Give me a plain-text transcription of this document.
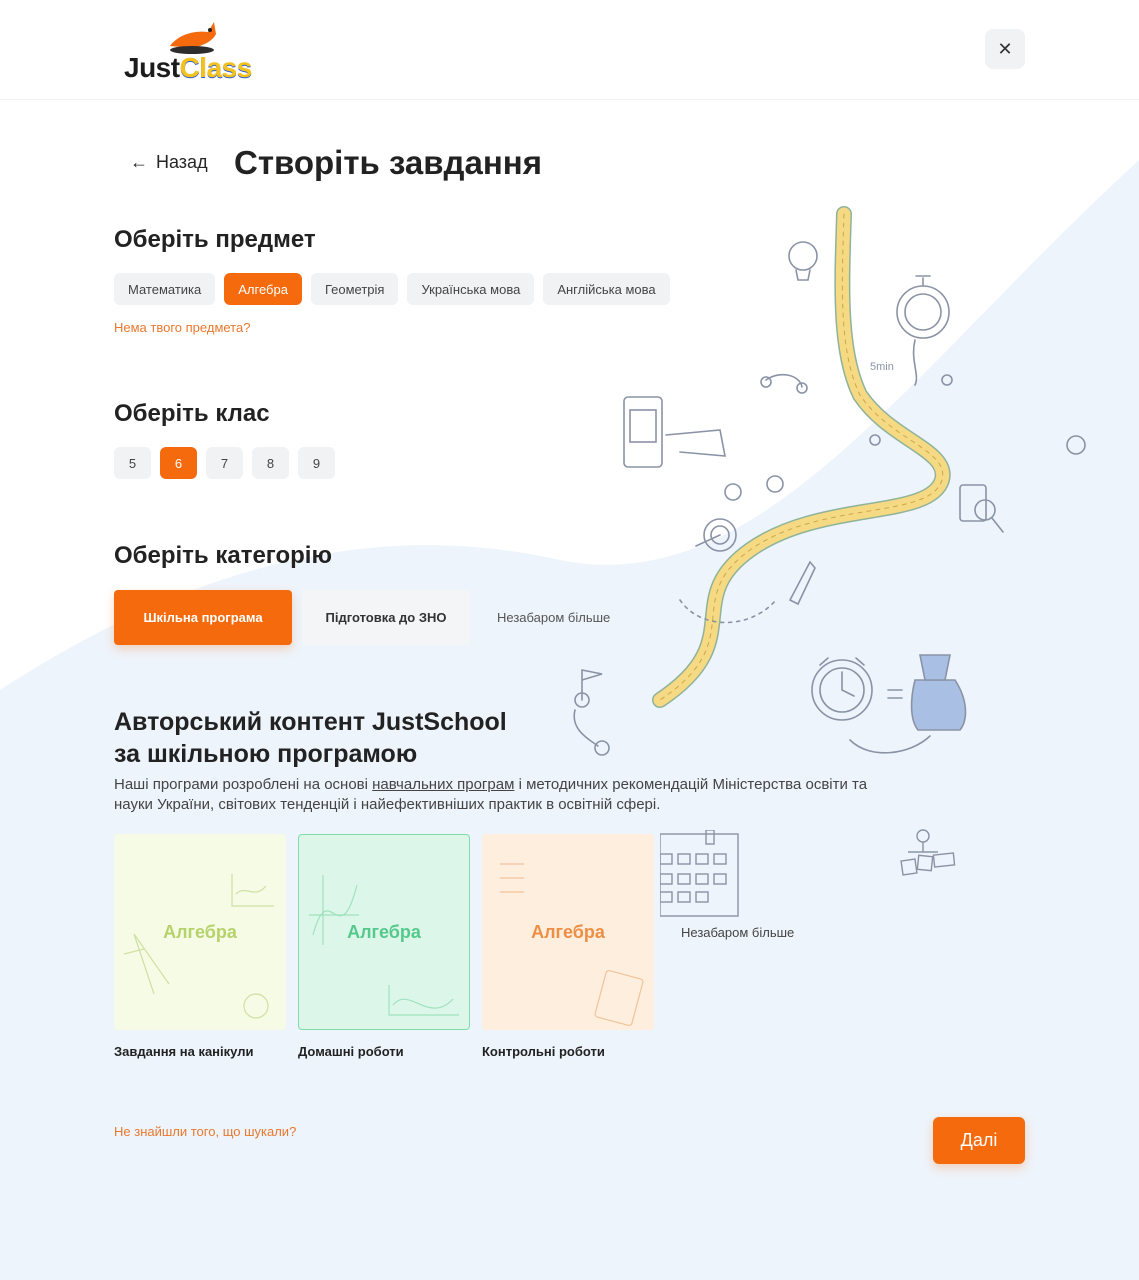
5min
JustClass
✕
← Назад Створіть завдання
Оберіть предмет
Математика	Алгебра	Геометрія	Українська мова	Англійська мова
Нема твого предмета?
Оберіть клас
5	6	7	8	9
Оберіть категорію
Шкільна програма	Підготовка до ЗНО	Незабаром більше
Авторський контент JustSchool
за шкільною програмою

Наші програми розроблені на основі навчальних програм і методичних рекомендацій Міністерства освіти та науки України, світових тенденцій і найефективніших практик в освітній сфері.

Алгебра
Завдання на канікули
Алгебра
Домашні роботи
Алгебра
Контрольні роботи
Незабаром більше
Не знайшли того, що шукали?	Далі
